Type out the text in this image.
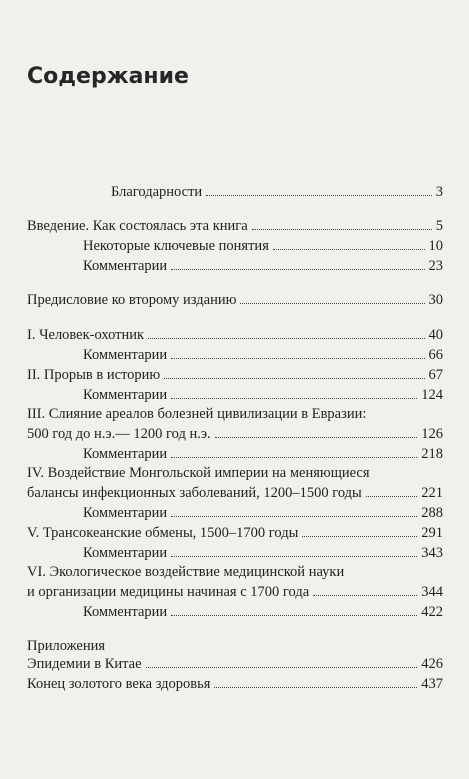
Содержание
Благодарности	3
Введение. Как состоялась эта книга	5
Некоторые ключевые понятия	10
Комментарии	23
Предисловие ко второму изданию	30
I. Человек-охотник	40
Комментарии	66
II. Прорыв в историю	67
Комментарии	124
III. Слияние ареалов болезней цивилизации в Евразии:
500 год до н.э.— 1200 год н.э.	126
Комментарии	218
IV. Воздействие Монгольской империи на меняющиеся
балансы инфекционных заболеваний, 1200–1500 годы	221
Комментарии	288
V. Трансокеанские обмены, 1500–1700 годы	291
Комментарии	343
VI. Экологическое воздействие медицинской науки
и организации медицины начиная с 1700 года	344
Комментарии	422
Приложения
Эпидемии в Китае	426
Конец золотого века здоровья	437
